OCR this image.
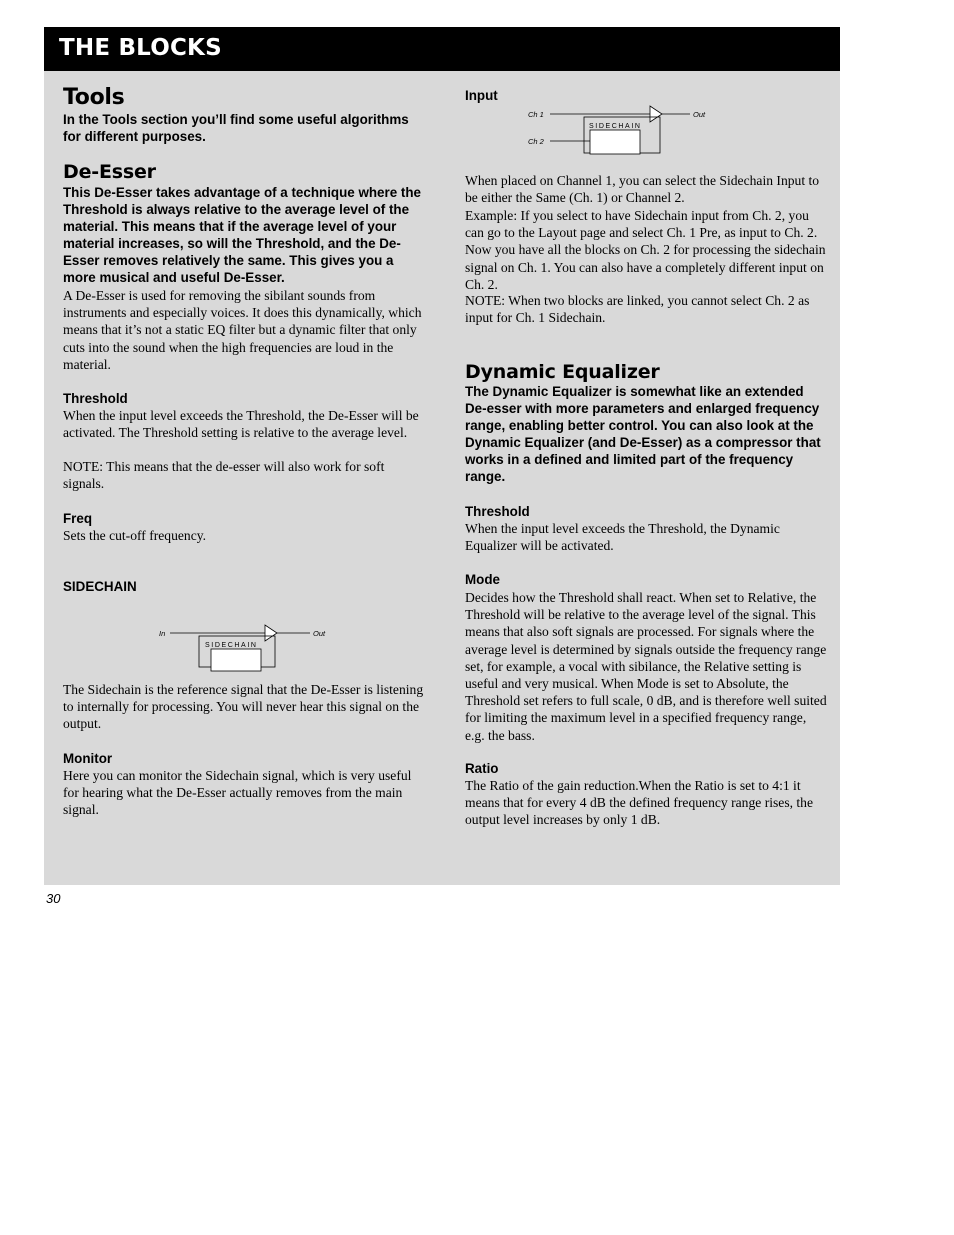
THE BLOCKS
Tools
In the Tools section you’ll find some useful algorithms for different purposes.
De-Esser
This De-Esser takes advantage of a technique where the Threshold is always relative to the average level of the material. This means that if the average level of your material increases, so will the Threshold, and the De-Esser removes relatively the same. This gives you a more musical and useful De-Esser.
A De-Esser is used for removing the sibilant sounds from instruments and especially voices. It does this dynamically, which means that it’s not a static EQ filter but a dynamic filter that only cuts into the sound when the high frequencies are loud in the material.
Threshold
When the input level exceeds the Threshold, the De-Esser will be activated. The Threshold setting is relative to the average level.
NOTE: This means that the de-esser will also work for soft signals.
Freq
Sets the cut-off frequency.
SIDECHAIN
In	Out
SIDECHAIN
The Sidechain is the reference signal that the De-Esser is listening to internally for processing. You will never hear this signal on the output.
Monitor
Here you can monitor the Sidechain signal, which is very useful for hearing what the De-Esser actually removes from the main signal.
Input
Ch 1	Out
SIDECHAIN
Ch 2
When placed on Channel 1, you can select the Sidechain Input to be either the Same (Ch. 1) or Channel 2.
Example: If you select to have Sidechain input from Ch. 2, you can go to the Layout page and select Ch. 1 Pre, as input to Ch. 2. Now you have all the blocks on Ch. 2 for processing the sidechain signal on Ch. 1. You can also have a completely different input on Ch. 2.
NOTE: When two blocks are linked, you cannot select Ch. 2 as input for Ch. 1 Sidechain.
Dynamic Equalizer
The Dynamic Equalizer is somewhat like an extended De-esser with more parameters and enlarged frequency range, enabling better control. You can also look at the Dynamic Equalizer (and De-Esser) as a compressor that works in a defined and limited part of the frequency range.
Threshold
When the input level exceeds the Threshold, the Dynamic Equalizer will be activated.
Mode
Decides how the Threshold shall react. When set to Relative, the Threshold will be relative to the average level of the signal. This means that also soft signals are processed. For signals where the average level is determined by signals outside the frequency range set, for example, a vocal with sibilance, the Relative setting is useful and very musical. When Mode is set to Absolute, the Threshold set refers to full scale, 0 dB, and is therefore well suited for limiting the maximum level in a specified frequency range, e.g. the bass.
Ratio
The Ratio of the gain reduction.When the Ratio is set to 4:1 it means that for every 4 dB the defined frequency range rises, the output level increases by only 1 dB.
30
